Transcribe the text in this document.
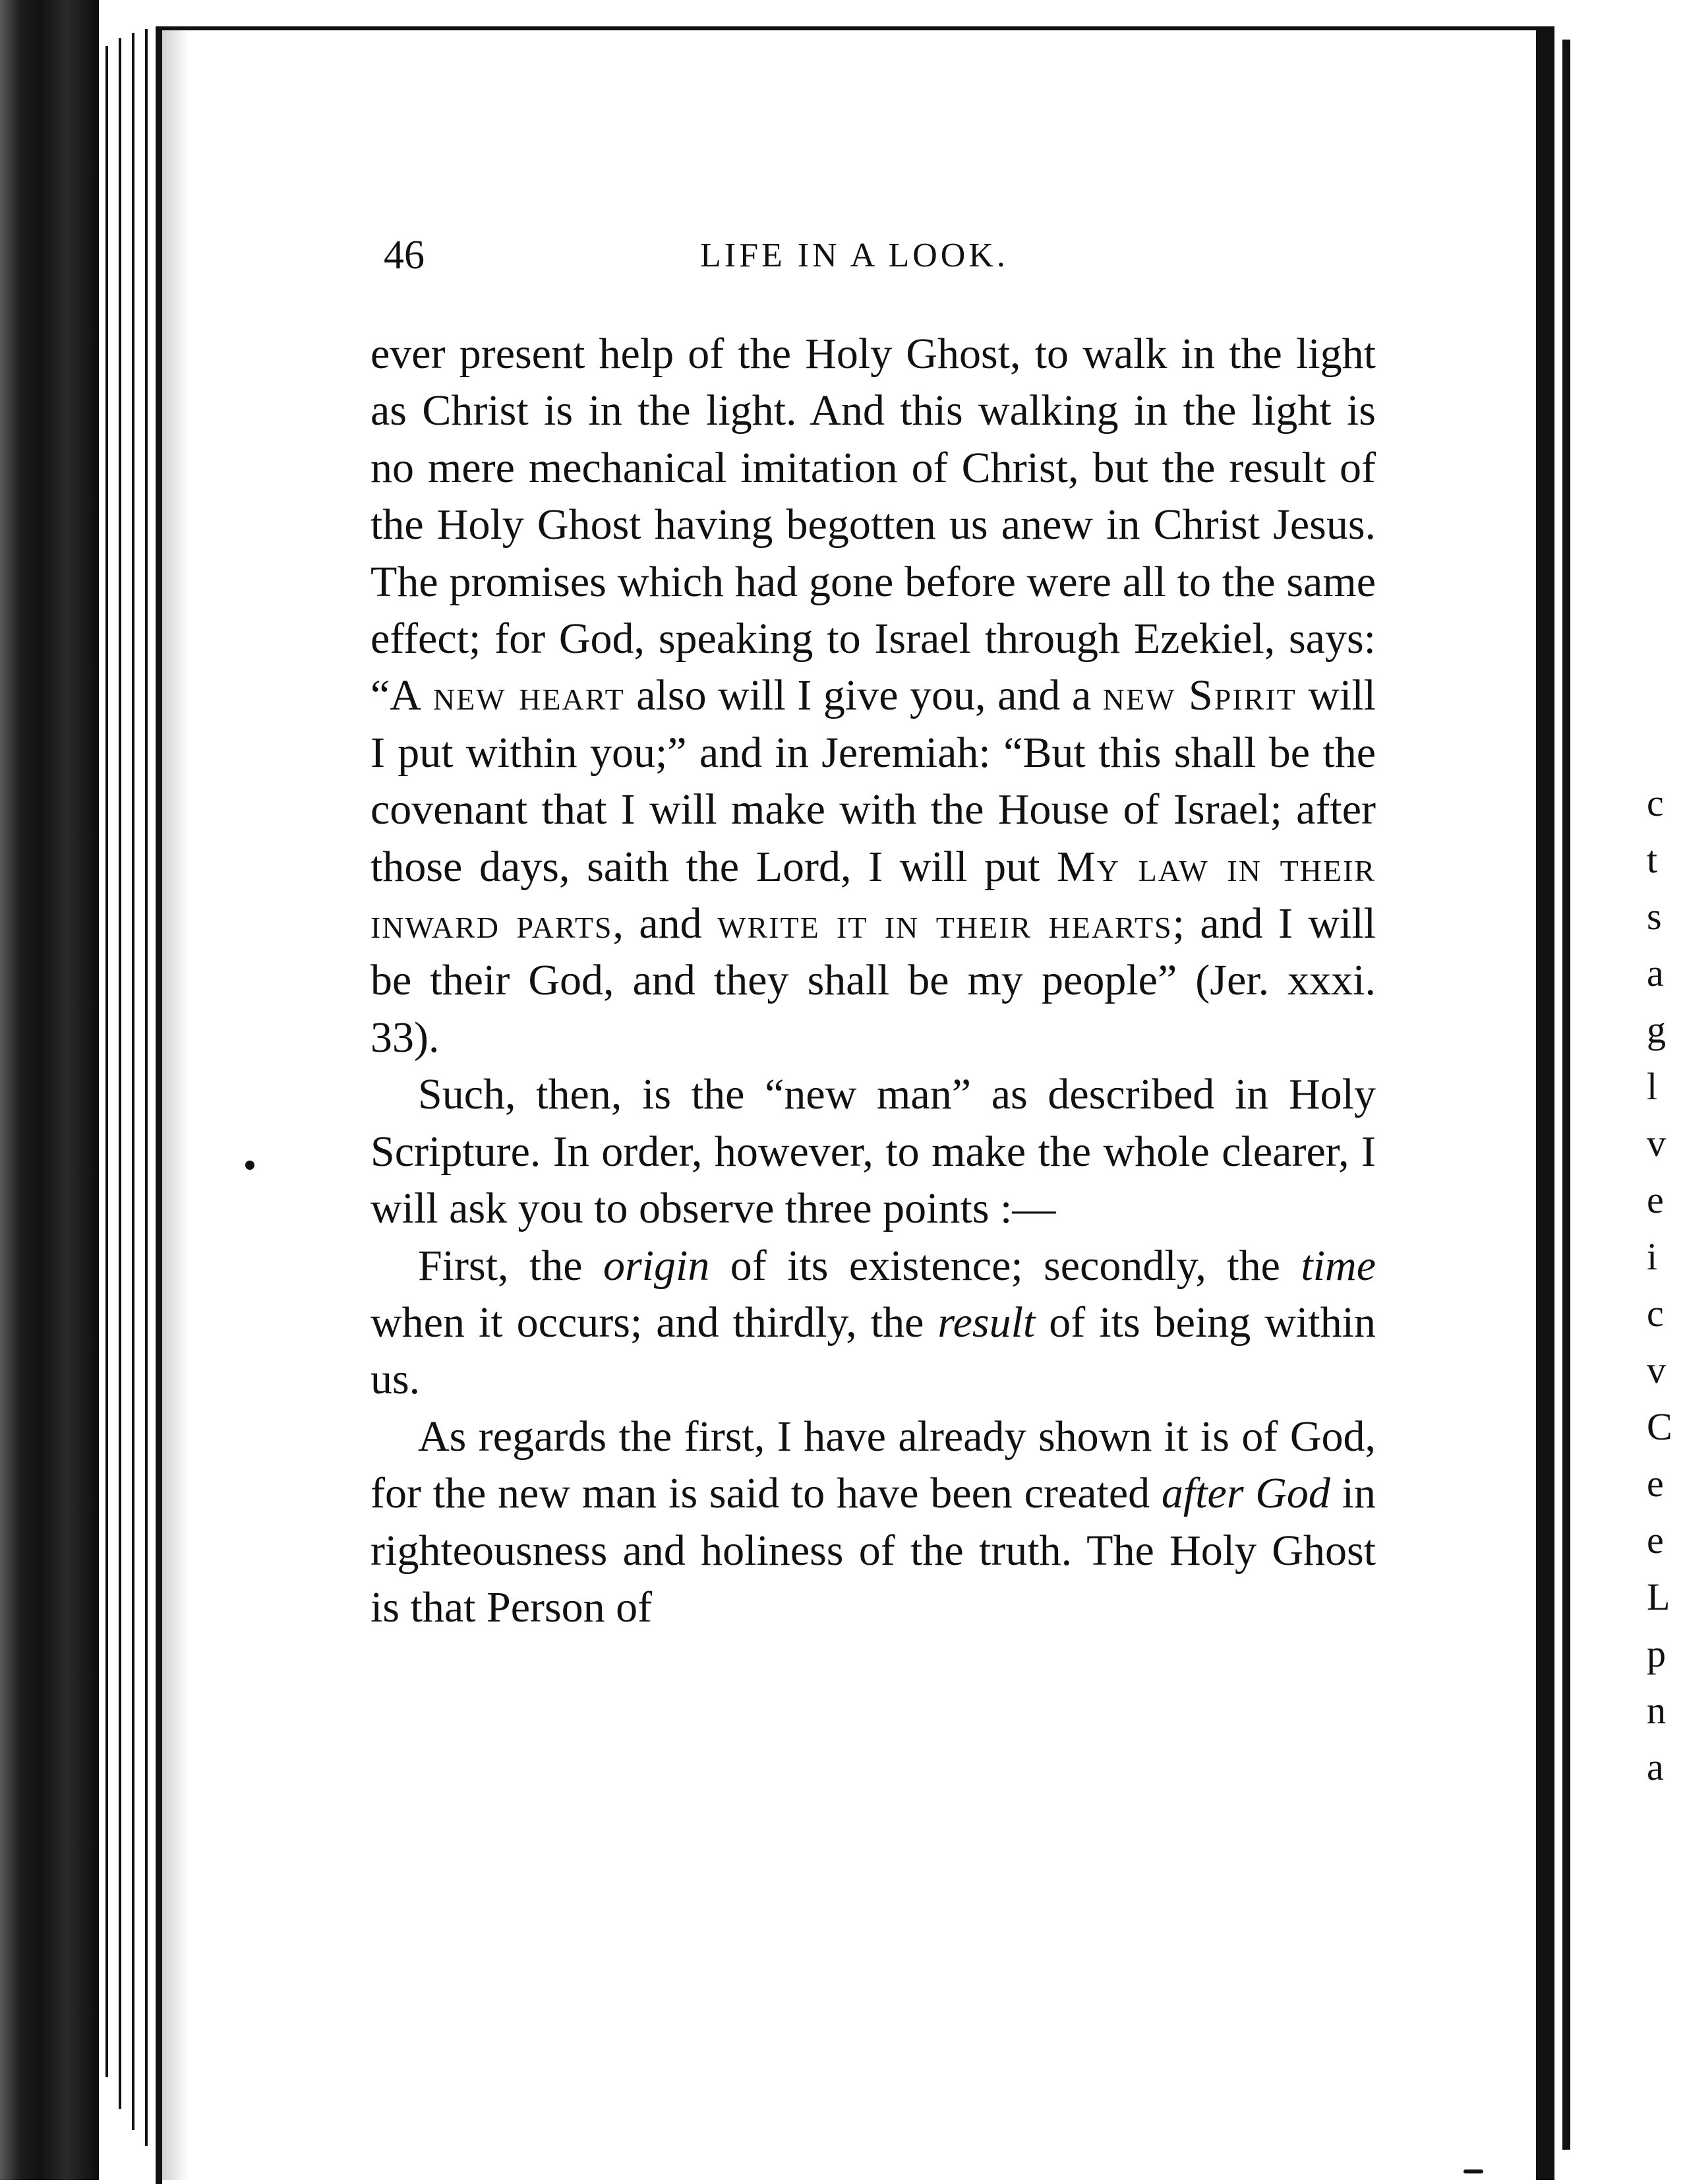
c
t
s
a
g
l
v
e
i
c
v
C
e
e
L
p
n
a
46	LIFE IN A LOOK.

ever present help of the Holy Ghost, to walk in the light as Christ is in the light. And this walking in the light is no mere mechanical imitation of Christ, but the result of the Holy Ghost having begotten us anew in Christ Jesus. The promises which had gone before were all to the same effect; for God, speaking to Israel through Ezekiel, says: “A new heart also will I give you, and a new Spirit will I put within you;” and in Jeremiah: “But this shall be the covenant that I will make with the House of Israel; after those days, saith the Lord, I will put My law in their inward parts, and write it in their hearts; and I will be their God, and they shall be my people” (Jer. xxxi. 33).

Such, then, is the “new man” as described in Holy Scripture. In order, however, to make the whole clearer, I will ask you to observe three points :—

First, the origin of its existence; secondly, the time when it occurs; and thirdly, the result of its being within us.

As regards the first, I have already shown it is of God, for the new man is said to have been created after God in righteousness and holiness of the truth. The Holy Ghost is that Person of
